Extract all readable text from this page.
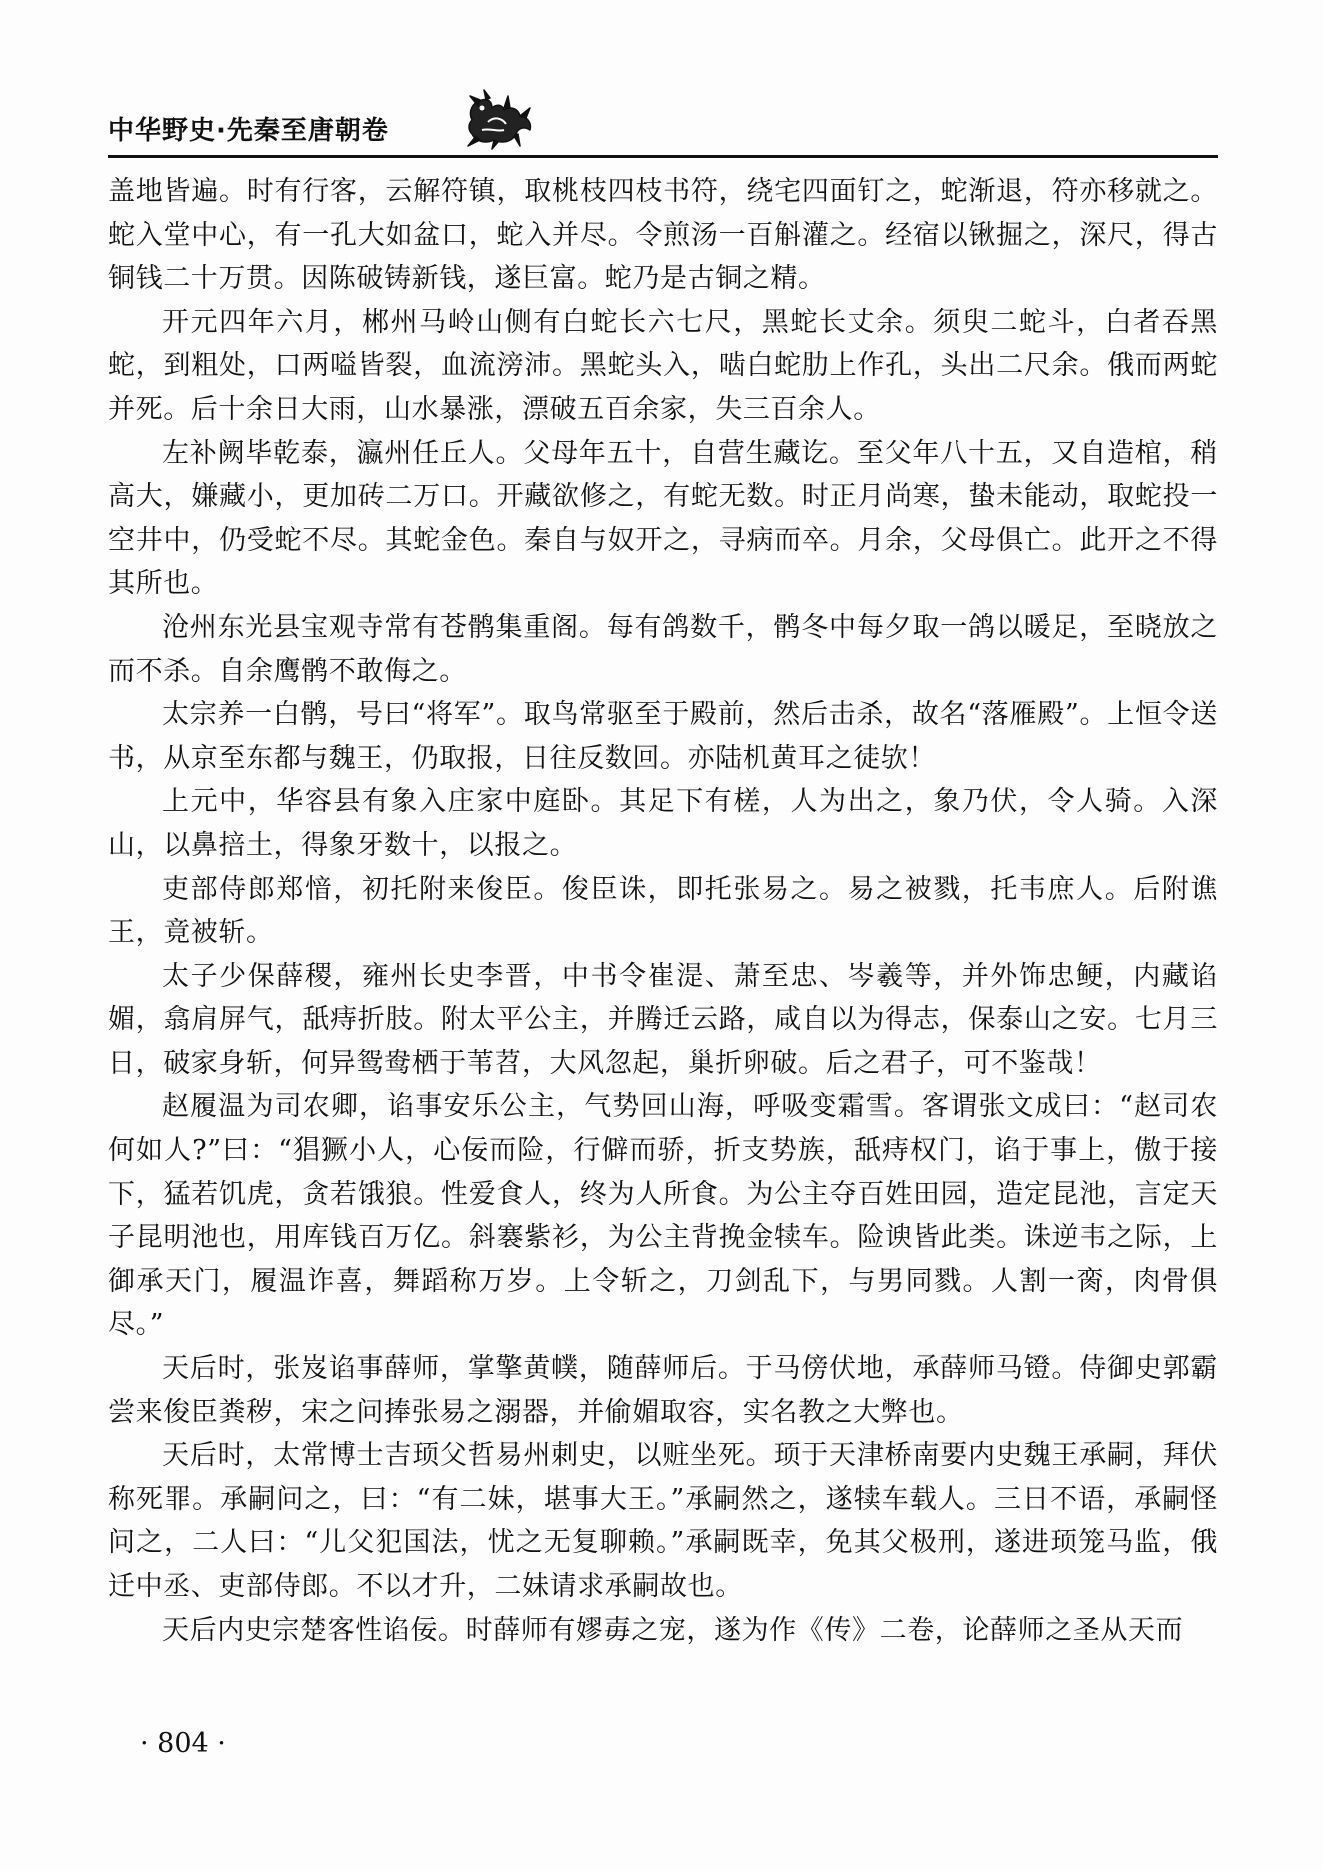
中华野史·先秦至唐朝卷

盖地皆遍。时有行客，云解符镇，取桃枝四枝书符，绕宅四面钉之，蛇渐退，符亦移就之。蛇入堂中心，有一孔大如盆口，蛇入并尽。令煎汤一百斛灌之。经宿以锹掘之，深尺，得古铜钱二十万贯。因陈破铸新钱，遂巨富。蛇乃是古铜之精。

开元四年六月，郴州马岭山侧有白蛇长六七尺，黑蛇长丈余。须臾二蛇斗，白者吞黑蛇，到粗处，口两嗌皆裂，血流滂沛。黑蛇头入，啮白蛇肋上作孔，头出二尺余。俄而两蛇并死。后十余日大雨，山水暴涨，漂破五百余家，失三百余人。

左补阙毕乾泰，瀛州任丘人。父母年五十，自营生藏讫。至父年八十五，又自造棺，稍高大，嫌藏小，更加砖二万口。开藏欲修之，有蛇无数。时正月尚寒，蛰未能动，取蛇投一空井中，仍受蛇不尽。其蛇金色。秦自与奴开之，寻病而卒。月余，父母俱亡。此开之不得其所也。

沧州东光县宝观寺常有苍鹘集重阁。每有鸽数千，鹘冬中每夕取一鸽以暖足，至晓放之而不杀。自余鹰鹘不敢侮之。

太宗养一白鹘，号曰“将军”。取鸟常驱至于殿前，然后击杀，故名“落雁殿”。上恒令送书，从京至东都与魏王，仍取报，日往反数回。亦陆机黄耳之徒欤！

上元中，华容县有象入庄家中庭卧。其足下有槎，人为出之，象乃伏，令人骑。入深山，以鼻掊土，得象牙数十，以报之。

吏部侍郎郑愔，初托附来俊臣。俊臣诛，即托张易之。易之被戮，托韦庶人。后附谯王，竟被斩。

太子少保薛稷，雍州长史李晋，中书令崔湜、萧至忠、岑羲等，并外饰忠鲠，内藏谄媚，翕肩屏气，舐痔折肢。附太平公主，并腾迁云路，咸自以为得志，保泰山之安。七月三日，破家身斩，何异鸳鸯栖于苇苕，大风忽起，巢折卵破。后之君子，可不鉴哉！

赵履温为司农卿，谄事安乐公主，气势回山海，呼吸变霜雪。客谓张文成曰：“赵司农何如人?”曰：“猖獗小人，心佞而险，行僻而骄，折支势族，舐痔权门，谄于事上，傲于接下，猛若饥虎，贪若饿狼。性爱食人，终为人所食。为公主夺百姓田园，造定昆池，言定天子昆明池也，用库钱百万亿。斜褰紫衫，为公主背挽金犊车。险谀皆此类。诛逆韦之际，上御承天门，履温诈喜，舞蹈称万岁。上令斩之，刀剑乱下，与男同戮。人割一脔，肉骨俱尽。”

天后时，张岌谄事薛师，掌擎黄幞，随薛师后。于马傍伏地，承薛师马镫。侍御史郭霸尝来俊臣粪秽，宋之问捧张易之溺器，并偷媚取容，实名教之大弊也。

天后时，太常博士吉顼父哲易州刺史，以赃坐死。顼于天津桥南要内史魏王承嗣，拜伏称死罪。承嗣问之，曰：“有二妹，堪事大王。”承嗣然之，遂犊车载人。三日不语，承嗣怪问之，二人曰：“儿父犯国法，忧之无复聊赖。”承嗣既幸，免其父极刑，遂进顼笼马监，俄迁中丞、吏部侍郎。不以才升，二妹请求承嗣故也。

天后内史宗楚客性谄佞。时薛师有嫪毐之宠，遂为作《传》二卷，论薛师之圣从天而

· 804 ·
